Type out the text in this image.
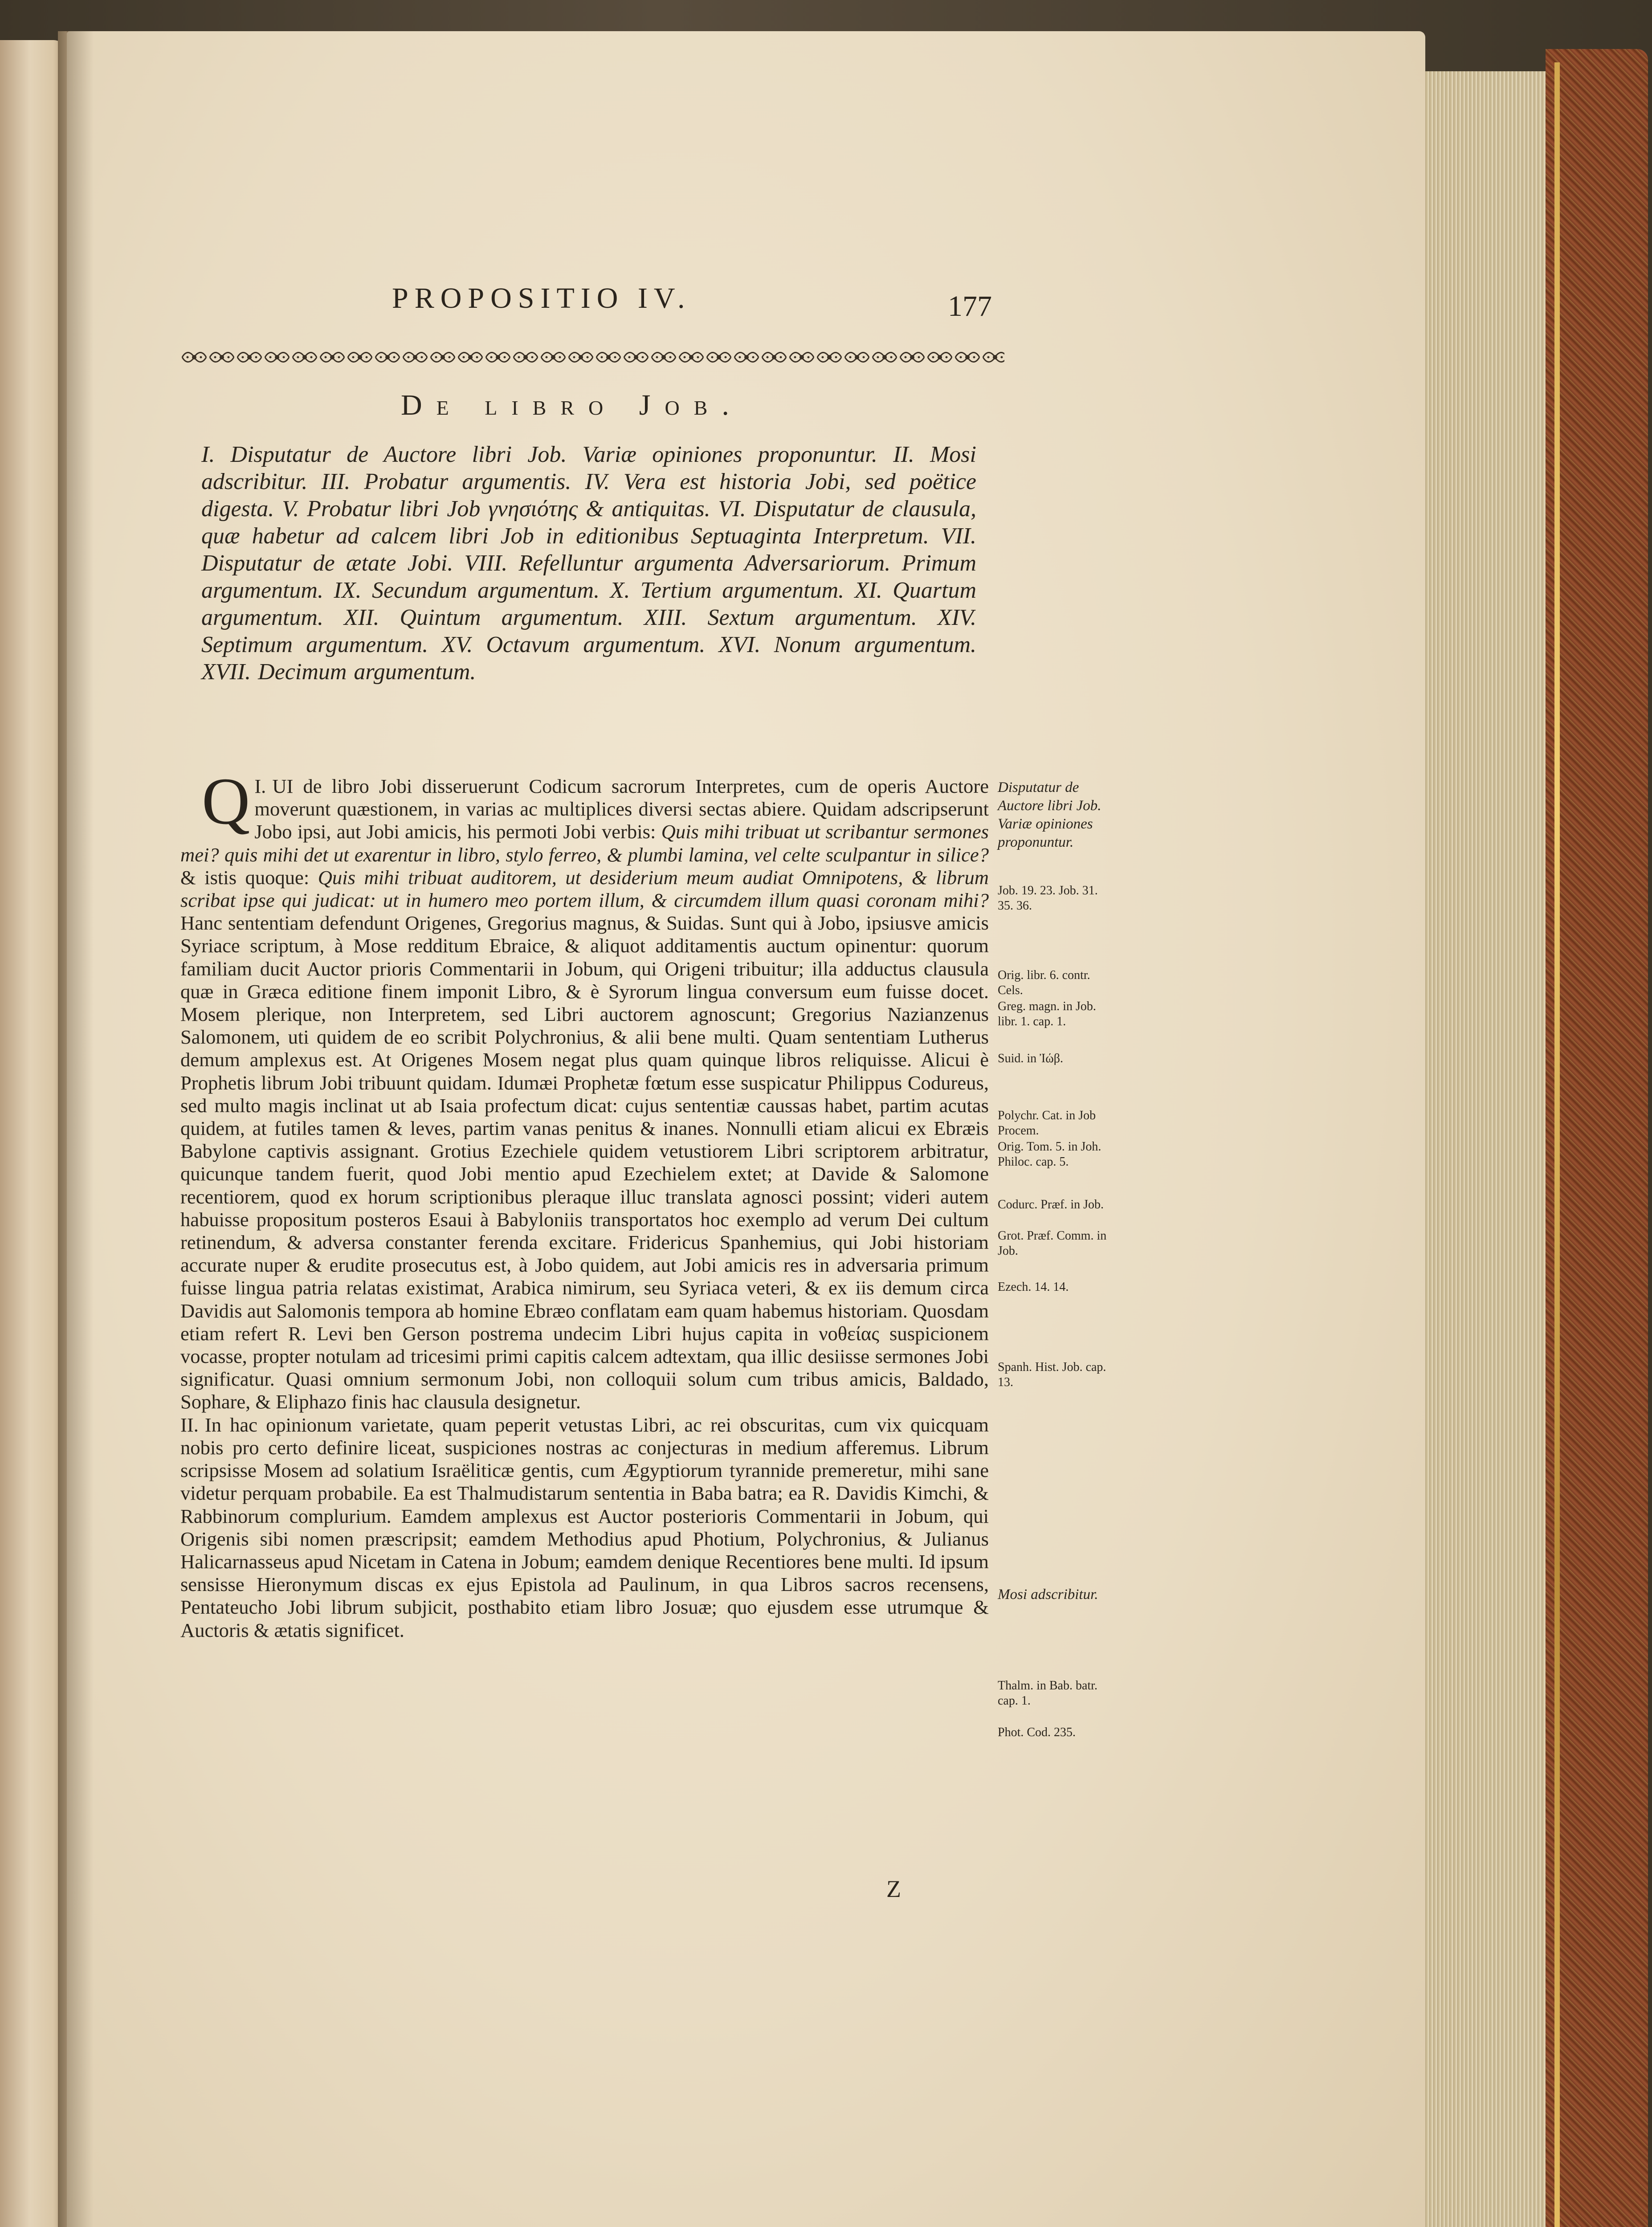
PROPOSITIO IV.	177
De libro Job.
I. Disputatur de Auctore libri Job. Variæ opiniones proponuntur. II. Mosi adscribitur. III. Probatur argumentis. IV. Vera est historia Jobi, sed poëtice digesta. V. Probatur libri Job γνησιότης & antiquitas. VI. Disputatur de clausula, quæ habetur ad calcem libri Job in editionibus Septuaginta Interpretum. VII. Disputatur de ætate Jobi. VIII. Refelluntur argumenta Adversariorum. Primum argumentum. IX. Secundum argumentum. X. Tertium argumentum. XI. Quartum argumentum. XII. Quintum argumentum. XIII. Sextum argumentum. XIV. Septimum argumentum. XV. Octavum argumentum. XVI. Nonum argumentum. XVII. Decimum argumentum.

I.
Q UI de libro Jobi disseruerunt Codicum sacrorum Interpretes, cum de operis Auctore moverunt quæstionem, in varias ac multiplices diversi sectas abiere. Quidam adscripserunt Jobo ipsi, aut Jobi amicis, his permoti Jobi verbis: Quis mihi tribuat ut scribantur sermones mei? quis mihi det ut exarentur in libro, stylo ferreo, & plumbi lamina, vel celte sculpantur in silice? & istis quoque: Quis mihi tribuat auditorem, ut desiderium meum audiat Omnipotens, & librum scribat ipse qui judicat: ut in humero meo portem illum, & circumdem illum quasi coronam mihi? Hanc sententiam defendunt Origenes, Gregorius magnus, & Suidas. Sunt qui à Jobo, ipsiusve amicis Syriace scriptum, à Mose redditum Ebraice, & aliquot additamentis auctum opinentur: quorum familiam ducit Auctor prioris Commentarii in Jobum, qui Origeni tribuitur; illa adductus clausula quæ in Græca editione finem imponit Libro, & è Syrorum lingua conversum eum fuisse docet. Mosem plerique, non Interpretem, sed Libri auctorem agnoscunt; Gregorius Nazianzenus Salomonem, uti quidem de eo scribit Polychronius, & alii bene multi. Quam sententiam Lutherus demum amplexus est. At Origenes Mosem negat plus quam quinque libros reliquisse. Alicui è Prophetis librum Jobi tribuunt quidam. Idumæi Prophetæ fœtum esse suspicatur Philippus Codureus, sed multo magis inclinat ut ab Isaia profectum dicat: cujus sententiæ caussas habet, partim acutas quidem, at futiles tamen & leves, partim vanas penitus & inanes. Nonnulli etiam alicui ex Ebræis Babylone captivis assignant. Grotius Ezechiele quidem vetustiorem Libri scriptorem arbitratur, quicunque tandem fuerit, quod Jobi mentio apud Ezechielem extet; at Davide & Salomone recentiorem, quod ex horum scriptionibus pleraque illuc translata agnosci possint; videri autem habuisse propositum posteros Esaui à Babyloniis transportatos hoc exemplo ad verum Dei cultum retinendum, & adversa constanter ferenda excitare. Fridericus Spanhemius, qui Jobi historiam accurate nuper & erudite prosecutus est, à Jobo quidem, aut Jobi amicis res in adversaria primum fuisse lingua patria relatas existimat, Arabica nimirum, seu Syriaca veteri, & ex iis demum circa Davidis aut Salomonis tempora ab homine Ebræo conflatam eam quam habemus historiam. Quosdam etiam refert R. Levi ben Gerson postrema undecim Libri hujus capita in νοθείας suspicionem vocasse, propter notulam ad tricesimi primi capitis calcem adtextam, qua illic desiisse sermones Jobi significatur. Quasi omnium sermonum Jobi, non colloquii solum cum tribus amicis, Baldado, Sophare, & Eliphazo finis hac clausula designetur.

II. In hac opinionum varietate, quam peperit vetustas Libri, ac rei obscuritas, cum vix quicquam nobis pro certo definire liceat, suspiciones nostras ac conjecturas in medium afferemus. Librum scripsisse Mosem ad solatium Israëliticæ gentis, cum Ægyptiorum tyrannide premeretur, mihi sane videtur perquam probabile. Ea est Thalmudistarum sententia in Baba batra; ea R. Davidis Kimchi, & Rabbinorum complurium. Eamdem amplexus est Auctor posterioris Commentarii in Jobum, qui Origenis sibi nomen præscripsit; eamdem Methodius apud Photium, Polychronius, & Julianus Halicarnasseus apud Nicetam in Catena in Jobum; eamdem denique Recentiores bene multi. Id ipsum sensisse Hieronymum discas ex ejus Epistola ad Paulinum, in qua Libros sacros recensens, Pentateucho Jobi librum subjicit, posthabito etiam libro Josuæ; quo ejusdem esse utrumque & Auctoris & ætatis significet.

Disputatur de Auctore libri Job. Variæ opiniones proponuntur.
Job. 19. 23. Job. 31. 35. 36.
Orig. libr. 6. contr. Cels.
Greg. magn. in Job. libr. 1. cap. 1.
Suid. in Ἰώβ.
Polychr. Cat. in Job Procem.
Orig. Tom. 5. in Joh. Philoc. cap. 5.
Codurc. Præf. in Job.
Grot. Præf. Comm. in Job.
Ezech. 14. 14.
Spanh. Hist. Job. cap. 13.
Mosi adscribitur.
Thalm. in Bab. batr. cap. 1.
Phot. Cod. 235.
Z
